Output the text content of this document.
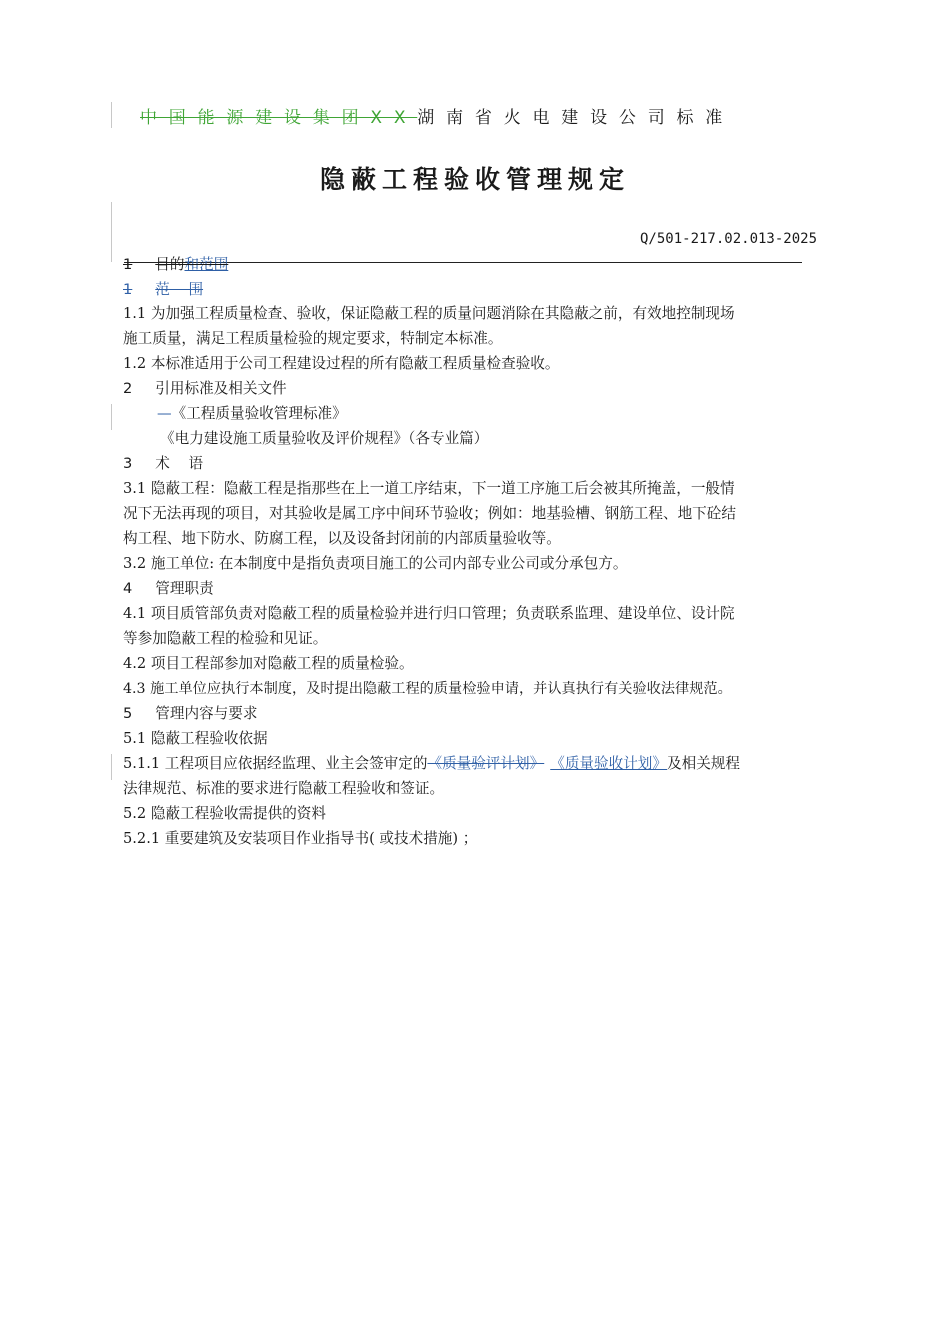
中国能源建设集团XX湖南省火电建设公司标准
隐蔽工程验收管理规定
Q/501-217.02.013-2025
1 目的和范围
1 范    围
1.1 为加强工程质量检查、验收，保证隐蔽工程的质量问题消除在其隐蔽之前，有效地控制现场
施工质量，满足工程质量检验的规定要求，特制定本标准。
1.2 本标准适用于公司工程建设过程的所有隐蔽工程质量检查验收。
2 引用标准及相关文件
—《工程质量验收管理标准》
《电力建设施工质量验收及评价规程》（各专业篇）
3 术    语
3.1 隐蔽工程：隐蔽工程是指那些在上一道工序结束，下一道工序施工后会被其所掩盖，一般情
况下无法再现的项目，对其验收是属工序中间环节验收；例如：地基验槽、钢筋工程、地下砼结
构工程、地下防水、防腐工程，以及设备封闭前的内部质量验收等。
3.2 施工单位: 在本制度中是指负责项目施工的公司内部专业公司或分承包方。
4 管理职责
4.1 项目质管部负责对隐蔽工程的质量检验并进行归口管理；负责联系监理、建设单位、设计院
等参加隐蔽工程的检验和见证。
4.2 项目工程部参加对隐蔽工程的质量检验。
4.3 施工单位应执行本制度，及时提出隐蔽工程的质量检验申请，并认真执行有关验收法律规范。
5 管理内容与要求
5.1 隐蔽工程验收依据
5.1.1 工程项目应依据经监理、业主会签审定的《质量验评计划》 《质量验收计划》及相关规程
法律规范、标准的要求进行隐蔽工程验收和签证。
5.2 隐蔽工程验收需提供的资料
5.2.1 重要建筑及安装项目作业指导书( 或技术措施) ；
